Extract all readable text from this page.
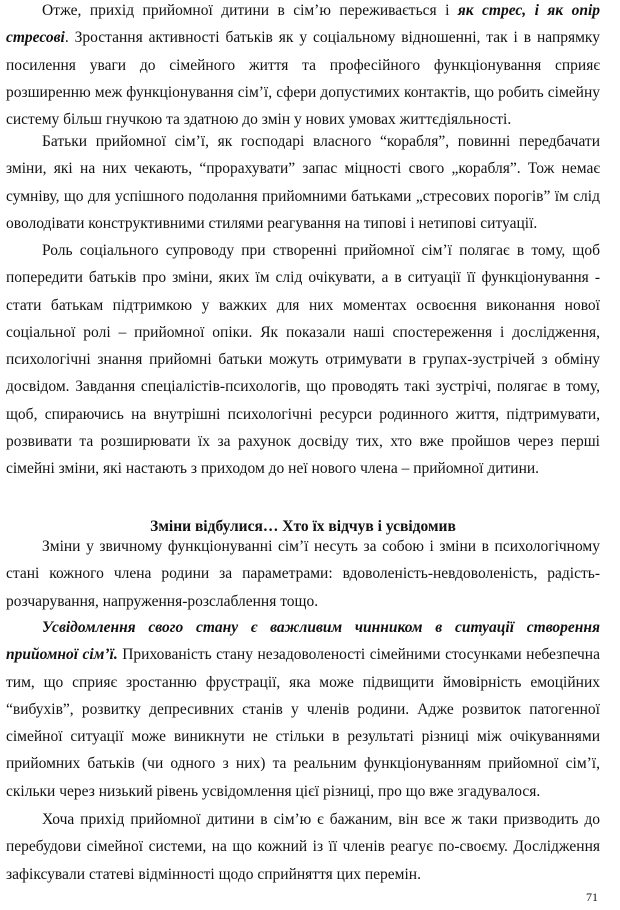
Отже, прихід прийомної дитини в сім’ю переживається і як стрес, і як опір стресові. Зростання активності батьків як у соціальному відношенні, так і в напрямку посилення уваги до сімейного життя та професійного функціонування сприяє розширенню меж функціонування сім’ї, сфери допустимих контактів, що робить сімейну систему більш гнучкою та здатною до змін у нових умовах життєдіяльності.

Батьки прийомної сім’ї, як господарі власного “корабля”, повинні передбачати зміни, які на них чекають, “прорахувати” запас міцності свого „корабля”. Тож немає сумніву, що для успішного подолання прийомними батьками „стресових порогів” їм слід оволодівати конструктивними стилями реагування на типові і нетипові ситуації.

Роль соціального супроводу при створенні прийомної сім’ї полягає в тому, щоб попередити батьків про зміни, яких їм слід очікувати, а в ситуації її функціонування - стати батькам підтримкою у важких для них моментах освоєння виконання нової соціальної ролі – прийомної опіки. Як показали наші спостереження і дослідження, психологічні знання прийомні батьки можуть отримувати в групах-зустрічей з обміну досвідом. Завдання спеціалістів-психологів, що проводять такі зустрічі, полягає в тому, щоб, спираючись на внутрішні психологічні ресурси родинного життя, підтримувати, розвивати та розширювати їх за рахунок досвіду тих, хто вже пройшов через перші сімейні зміни, які настають з приходом до неї нового члена – прийомної дитини.

Зміни відбулися… Хто їх відчув і усвідомив

Зміни у звичному функціонуванні сім’ї несуть за собою і зміни в психологічному стані кожного члена родини за параметрами: вдоволеність-невдоволеність, радість-розчарування, напруження-розслаблення тощо.

Усвідомлення свого стану є важливим чинником в ситуації створення прийомної сім’ї. Прихованість стану незадоволеності сімейними стосунками небезпечна тим, що сприяє зростанню фрустрації, яка може підвищити ймовірність емоційних “вибухів”, розвитку депресивних станів у членів родини. Адже розвиток патогенної сімейної ситуації може виникнути не стільки в результаті різниці між очікуваннями прийомних батьків (чи одного з них) та реальним функціонуванням прийомної сім’ї, скільки через низький рівень усвідомлення цієї різниці, про що вже згадувалося.

Хоча прихід прийомної дитини в сім’ю є бажаним, він все ж таки призводить до перебудови сімейної системи, на що кожний із її членів реагує по-своєму. Дослідження зафіксували статеві відмінності щодо сприйняття цих перемін.

71
